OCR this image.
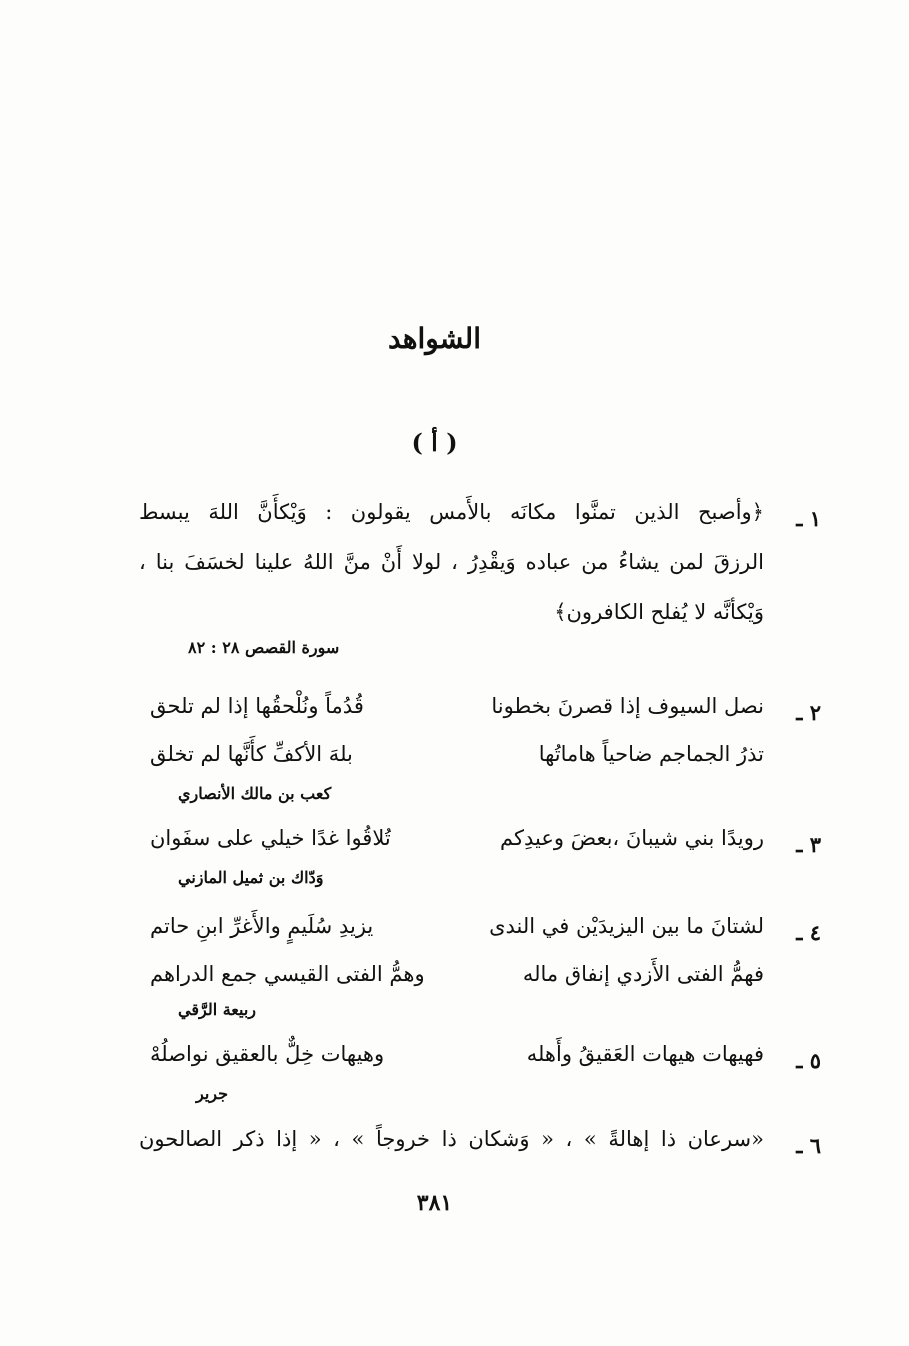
الشواهد
( أ )
١ ـ
﴿وأصبح الذين تمنَّوا مكانَه بالأَمس يقولون : وَيْكأَنَّ اللهَ يبسط
الرزقَ لمن يشاءُ من عباده وَيقْدِرُ ، لولا أَنْ منَّ اللهُ علينا لخسَفَ بنا ،
وَيْكأنَّه لا يُفلح الكافرون﴾
سورة القصص ٢٨ : ٨٢
٢ ـ
نصل السيوف إذا قصرنَ بخطونا
قُدُماً ونُلْحقُها إذا لم تلحق
تذرُ الجماجم ضاحياً هاماتُها
بلهَ الأكفِّ كأَنَّها لم تخلق
كعب بن مالك الأنصاري
٣ ـ
رويدًا بني شيبانَ ،بعضَ وعيدِكم
تُلاقُوا غدًا خيلي على سفَوان
وَدّاك بن ثميل المازني
٤ ـ
لشتانَ ما بين اليزيدَيْن في الندى
يزيدِ سُلَيمٍ والأَغرِّ ابنِ حاتم
فهمُّ الفتى الأَزدي إنفاق ماله
وهمُّ الفتى القيسي جمع الدراهم
ربيعة الرَّقي
٥ ـ
فهيهات هيهات العَقيقُ وأَهله
وهيهات خِلٌّ بالعقيق نواصلُهْ
جرير
٦ ـ
«سرعان ذا إهالةً » ، « وَشكان ذا خروجاً » ، « إذا ذكر الصالحون
٣٨١
